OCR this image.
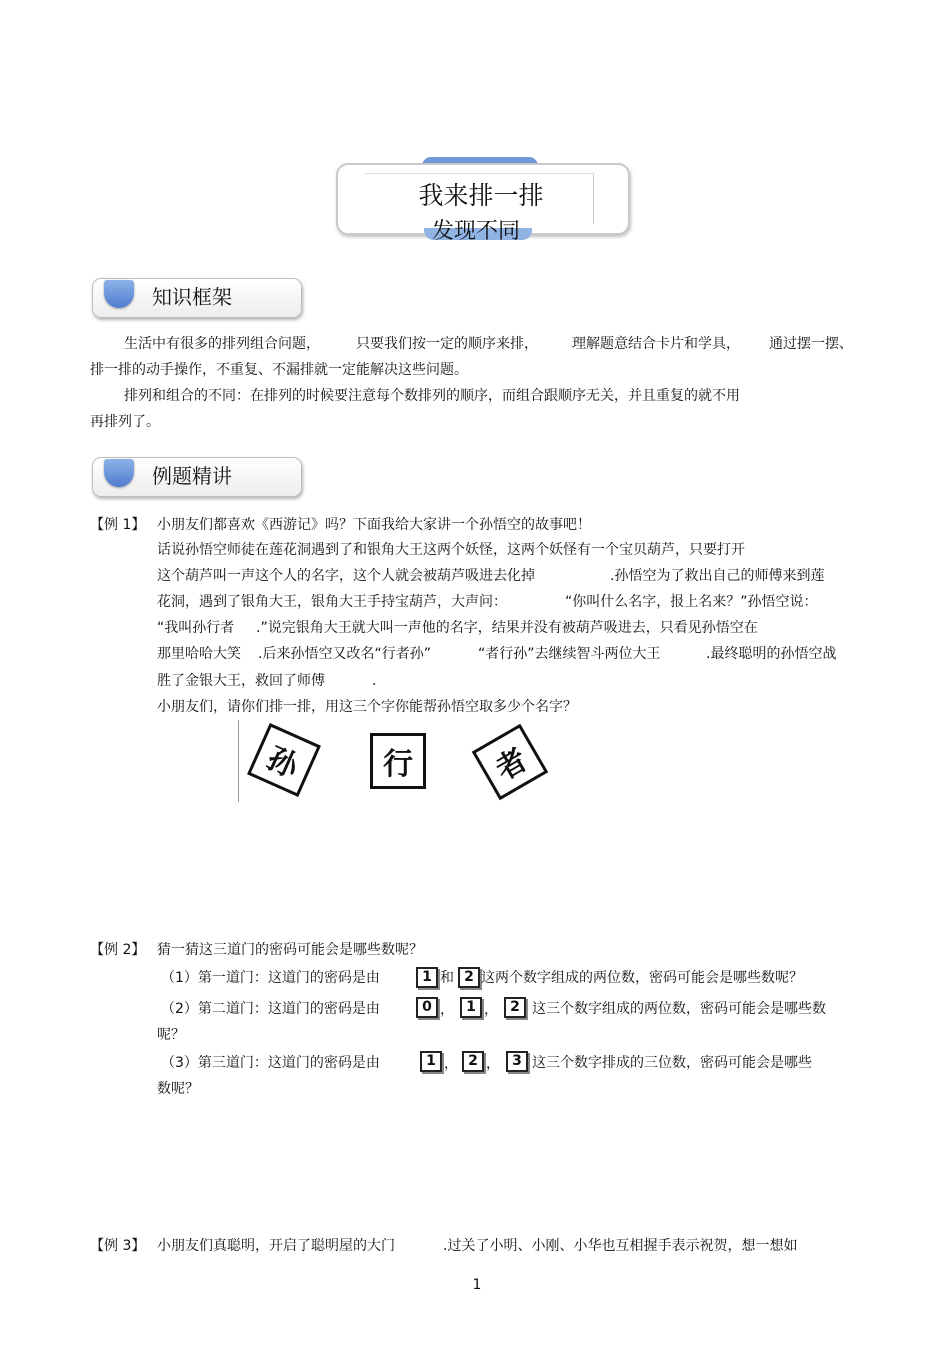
我来排一排
发现不同
知识框架
生活中有很多的排列组合问题，	只要我们按一定的顺序来排， 理解题意结合卡片和学具， 通过摆一摆、
排一排的动手操作，不重复、不漏排就一定能解决这些问题。
排列和组合的不同：在排列的时候要注意每个数排列的顺序，而组合跟顺序无关，并且重复的就不用
再排列了。
例题精讲
【例 1】 小朋友们都喜欢《西游记》吗？下面我给大家讲一个孙悟空的故事吧！
话说孙悟空师徒在莲花洞遇到了和银角大王这两个妖怪，这两个妖怪有一个宝贝葫芦，只要打开
这个葫芦叫一声这个人的名字，这个人就会被葫芦吸进去化掉	.孙悟空为了救出自己的师傅来到莲
花洞，遇到了银角大王，银角大王手持宝葫芦，大声问：	“你叫什么名字，报上名来？”孙悟空说：
“我叫孙行者 .”说完银角大王就大叫一声他的名字，结果并没有被葫芦吸进去，只看见孙悟空在
那里哈哈大笑 .后来孙悟空又改名“行者孙”	“者行孙”去继续智斗两位大王	.最终聪明的孙悟空战
胜了金银大王，救回了师傅	.
小朋友们，请你们排一排，用这三个字你能帮孙悟空取多少个名字？
孙	行	者
【例 2】 猜一猜这三道门的密码可能会是哪些数呢？
（1）第一道门：这道门的密码是由	1 和 2 这两个数字组成的两位数，密码可能会是哪些数呢？
（2）第二道门：这道门的密码是由	0 ， 1 ， 2 这三个数字组成的两位数，密码可能会是哪些数
呢？
（3）第三道门：这道门的密码是由	1 ， 2 ， 3 这三个数字排成的三位数，密码可能会是哪些
数呢？
【例 3】 小朋友们真聪明，开启了聪明屋的大门	.过关了小明、小刚、小华也互相握手表示祝贺，想一想如
1
